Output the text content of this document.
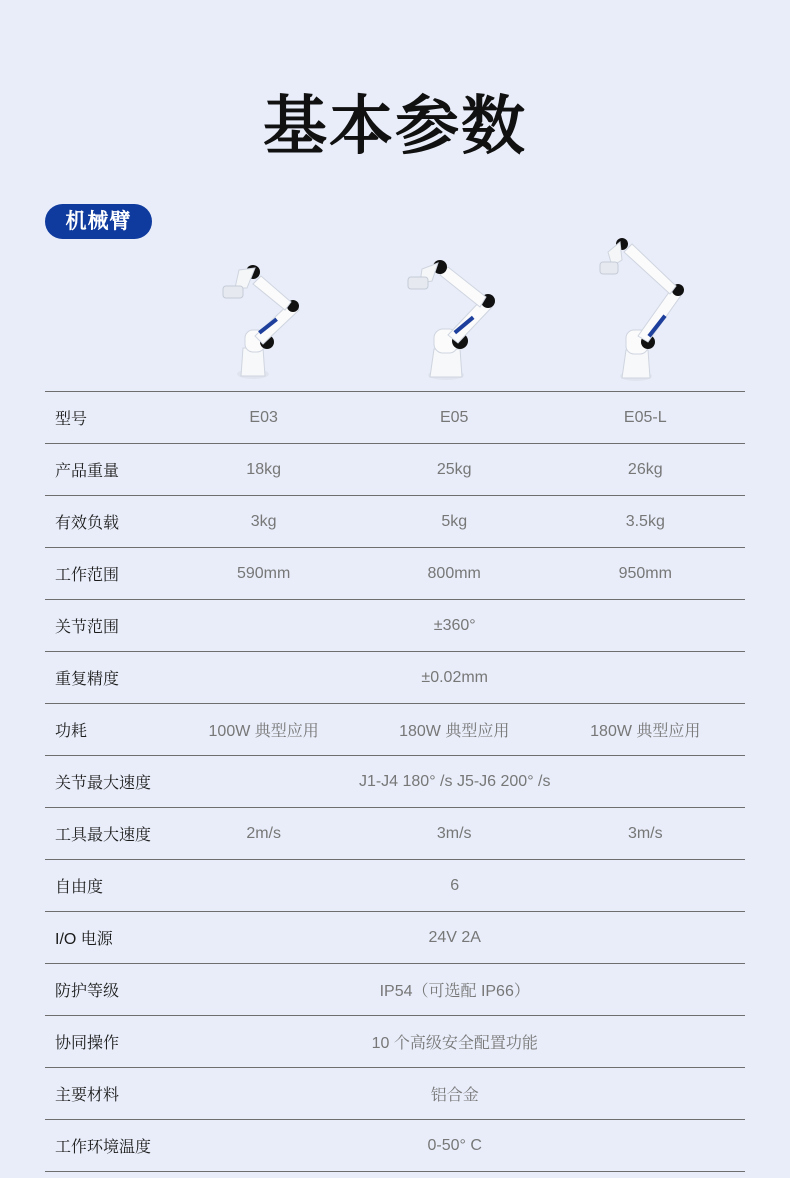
基本参数
机械臂
型号	E03	E05	E05-L
产品重量	18kg	25kg	26kg
有效负载	3kg	5kg	3.5kg
工作范围	590mm	800mm	950mm
关节范围	±360°		
重复精度	±0.02mm		
功耗	100W 典型应用	180W 典型应用	180W 典型应用
关节最大速度	J1-J4 180° /s J5-J6 200° /s		
工具最大速度	2m/s	3m/s	3m/s
自由度	6		
I/O 电源	24V 2A		
防护等级	IP54（可选配 IP66）		
协同操作	10 个高级安全配置功能		
主要材料	铝合金		
工作环境温度	0-50° C		
